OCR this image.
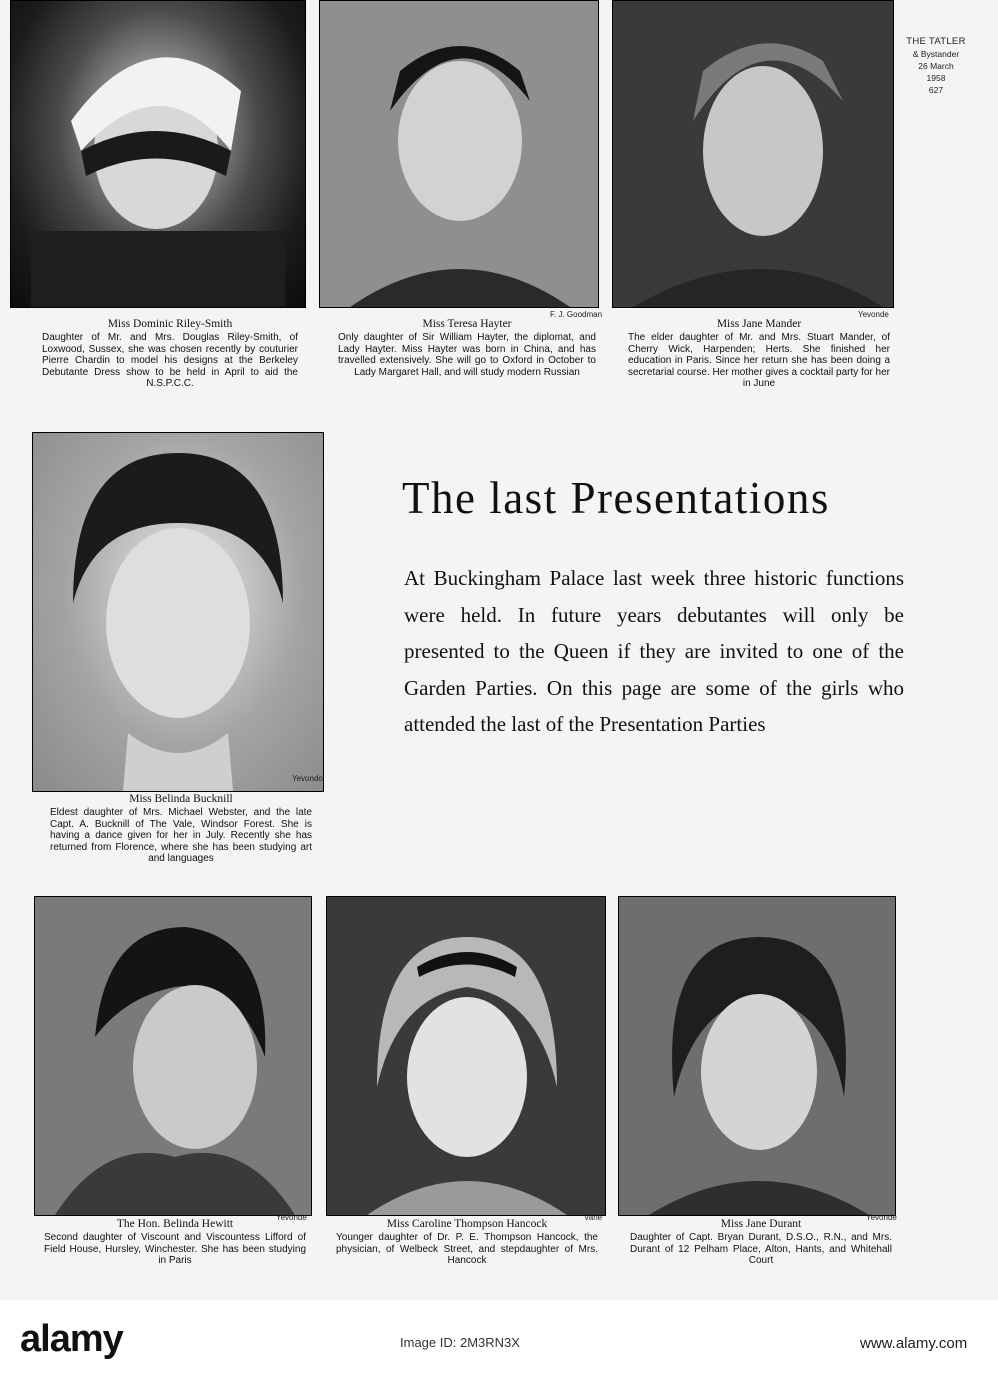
THE TATLER
& Bystander
26 March
1958
627
F. J. Goodman	Yevonde
Miss Dominic Riley-Smith
Daughter of Mr. and Mrs. Douglas Riley-Smith, of Loxwood, Sussex, she was chosen recently by couturier Pierre Chardin to model his designs at the Berkeley Debutante Dress show to be held in April to aid the N.S.P.C.C.
Miss Teresa Hayter
Only daughter of Sir William Hayter, the diplomat, and Lady Hayter. Miss Hayter was born in China, and has travelled extensively. She will go to Oxford in October to Lady Margaret Hall, and will study modern Russian
Miss Jane Mander
The elder daughter of Mr. and Mrs. Stuart Mander, of Cherry Wick, Harpenden; Herts. She finished her education in Paris. Since her return she has been doing a secretarial course. Her mother gives a cocktail party for her in June
Yevondo
Miss Belinda Bucknill
Eldest daughter of Mrs. Michael Webster, and the late Capt. A. Bucknill of The Vale, Windsor Forest. She is having a dance given for her in July. Recently she has returned from Florence, where she has been studying art and languages
The last Presentations
At Buckingham Palace last week three historic functions were held. In future years debutantes will only be presented to the Queen if they are invited to one of the Garden Parties. On this page are some of the girls who attended the last of the Presentation Parties
Yevonde	Vane	Yevonde
The Hon. Belinda Hewitt
Second daughter of Viscount and Viscountess Lifford of Field House, Hursley, Winchester. She has been studying in Paris
Miss Caroline Thompson Hancock
Younger daughter of Dr. P. E. Thompson Hancock, the physician, of Welbeck Street, and stepdaughter of Mrs. Hancock
Miss Jane Durant
Daughter of Capt. Bryan Durant, D.S.O., R.N., and Mrs. Durant of 12 Pelham Place, Alton, Hants, and Whitehall Court
alamy	Image ID: 2M3RN3X	www.alamy.com
